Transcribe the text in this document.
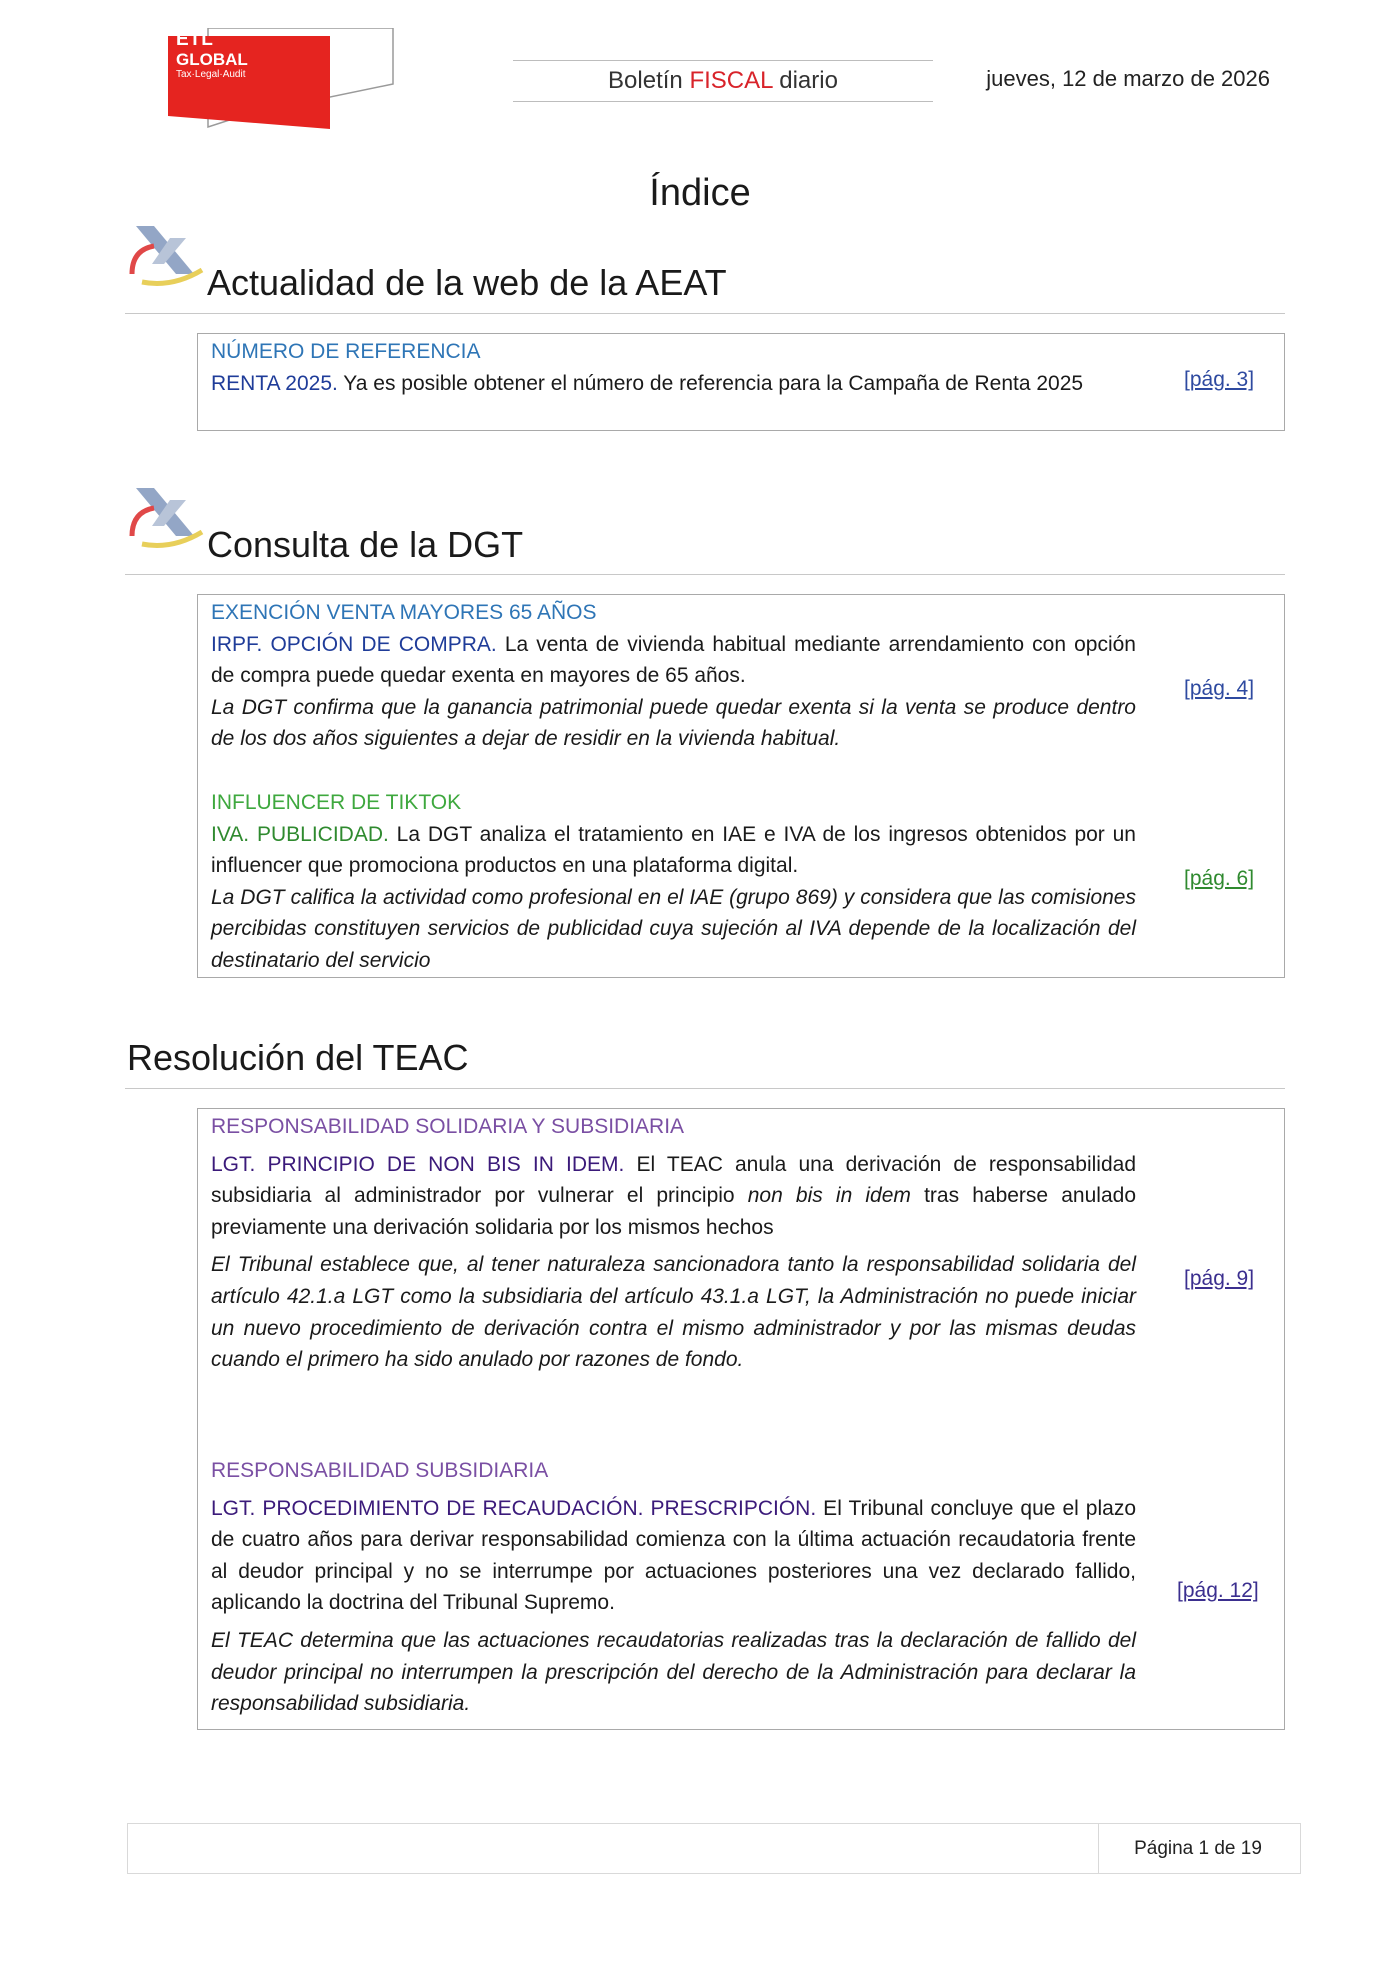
ETL
GLOBAL
Tax·Legal·Audit	Boletín FISCAL diario	jueves, 12 de marzo de 2026
Índice
Actualidad de la web de la AEAT
NÚMERO DE REFERENCIA
RENTA 2025. Ya es posible obtener el número de referencia para la Campaña de Renta 2025	[pág. 3]
Consulta de la DGT
EXENCIÓN VENTA MAYORES 65 AÑOS
IRPF. OPCIÓN DE COMPRA. La venta de vivienda habitual mediante arrendamiento con opción de compra puede quedar exenta en mayores de 65 años.
La DGT confirma que la ganancia patrimonial puede quedar exenta si la venta se produce dentro de los dos años siguientes a dejar de residir en la vivienda habitual.
[pág. 4]
INFLUENCER DE TIKTOK
IVA. PUBLICIDAD. La DGT analiza el tratamiento en IAE e IVA de los ingresos obtenidos por un influencer que promociona productos en una plataforma digital.
La DGT califica la actividad como profesional en el IAE (grupo 869) y considera que las comisiones percibidas constituyen servicios de publicidad cuya sujeción al IVA depende de la localización del destinatario del servicio
[pág. 6]
Resolución del TEAC
RESPONSABILIDAD SOLIDARIA Y SUBSIDIARIA
LGT. PRINCIPIO DE NON BIS IN IDEM. El TEAC anula una derivación de responsabilidad subsidiaria al administrador por vulnerar el principio non bis in idem tras haberse anulado previamente una derivación solidaria por los mismos hechos
El Tribunal establece que, al tener naturaleza sancionadora tanto la responsabilidad solidaria del artículo 42.1.a LGT como la subsidiaria del artículo 43.1.a LGT, la Administración no puede iniciar un nuevo procedimiento de derivación contra el mismo administrador y por las mismas deudas cuando el primero ha sido anulado por razones de fondo.
[pág. 9]
RESPONSABILIDAD SUBSIDIARIA
LGT. PROCEDIMIENTO DE RECAUDACIÓN. PRESCRIPCIÓN. El Tribunal concluye que el plazo de cuatro años para derivar responsabilidad comienza con la última actuación recaudatoria frente al deudor principal y no se interrumpe por actuaciones posteriores una vez declarado fallido, aplicando la doctrina del Tribunal Supremo.
El TEAC determina que las actuaciones recaudatorias realizadas tras la declaración de fallido del deudor principal no interrumpen la prescripción del derecho de la Administración para declarar la responsabilidad subsidiaria.
[pág. 12]
Página 1 de 19
